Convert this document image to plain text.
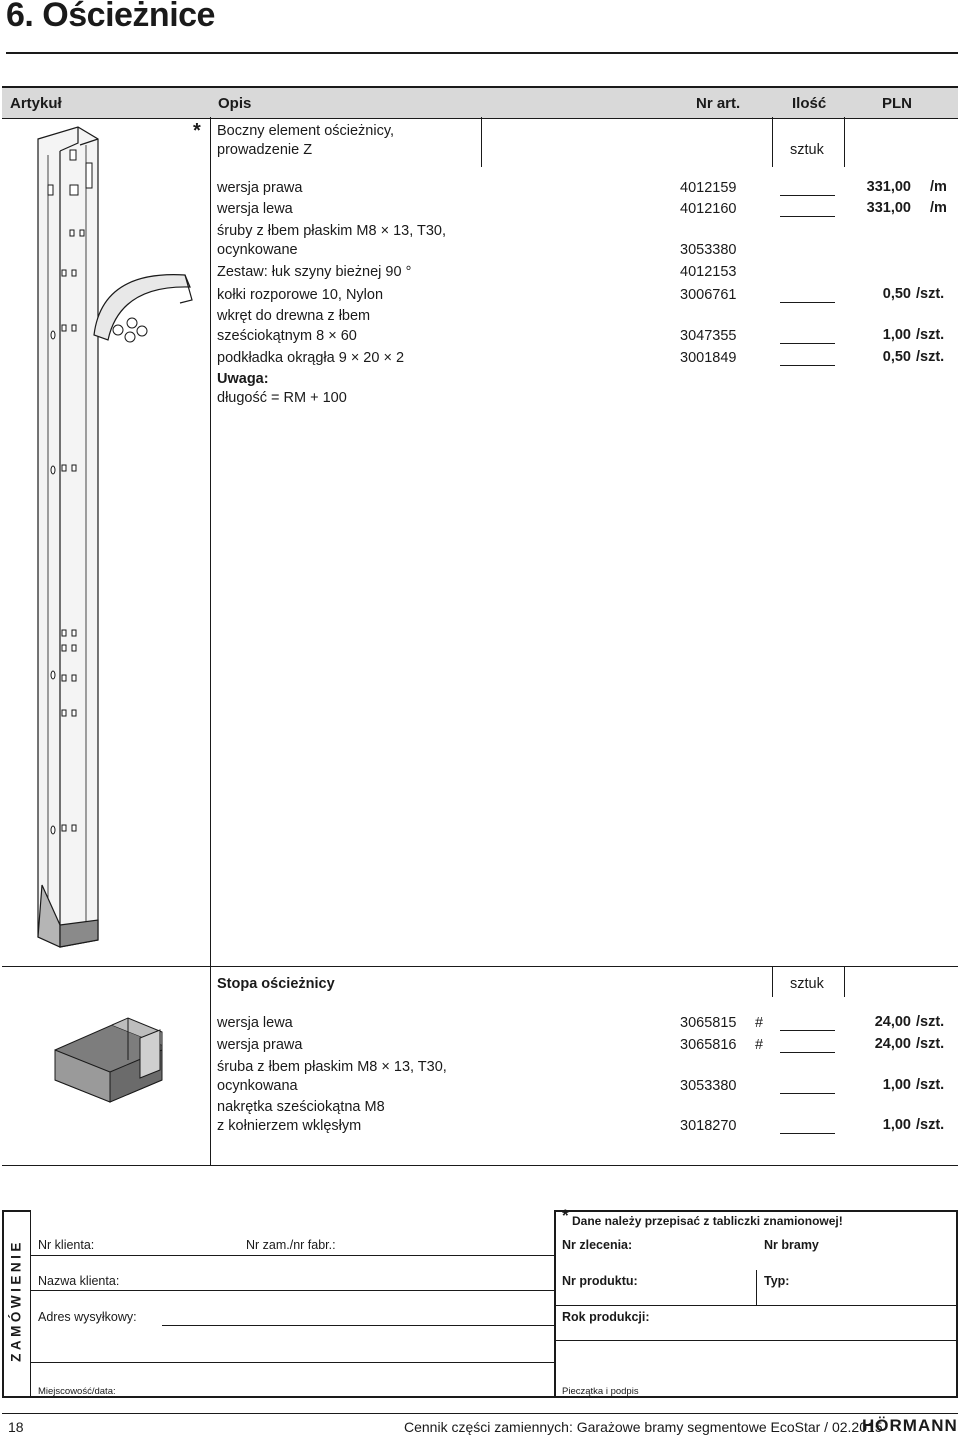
6. Ościeżnice
Artykuł	Opis	Nr art.	Ilość	PLN
* Boczny element ościeżnicy,
prowadzenie Z	sztuk
wersja prawa	4012159	331,00 /m
wersja lewa	4012160	331,00 /m
śruby z łbem płaskim M8 × 13, T30,
ocynkowane	3053380
Zestaw: łuk szyny bieżnej 90 °	4012153
kołki rozporowe 10, Nylon	3006761	0,50 /szt.
wkręt do drewna z łbem
sześciokątnym 8 × 60	3047355	1,00 /szt.
podkładka okrągła 9 × 20 × 2	3001849	0,50 /szt.
Uwaga:
długość = RM + 100
Stopa ościeżnicy	sztuk
wersja lewa	3065815 #	24,00 /szt.
wersja prawa	3065816 #	24,00 /szt.
śruba z łbem płaskim M8 × 13, T30,
ocynkowana	3053380	1,00 /szt.
nakrętka sześciokątna M8
z kołnierzem wklęsłym	3018270	1,00 /szt.
ZAMÓWIENIE
* Dane należy przepisać z tabliczki znamionowej!
Nr klienta:	Nr zam./nr fabr.:
Nazwa klienta:
Adres wysyłkowy:
Miejscowość/data:
Nr zlecenia:	Nr bramy
Nr produktu:	Typ:
Rok produkcji:
Pieczątka i podpis
18	Cennik części zamiennych: Garażowe bramy segmentowe EcoStar / 02.2015
HÖRMANN
